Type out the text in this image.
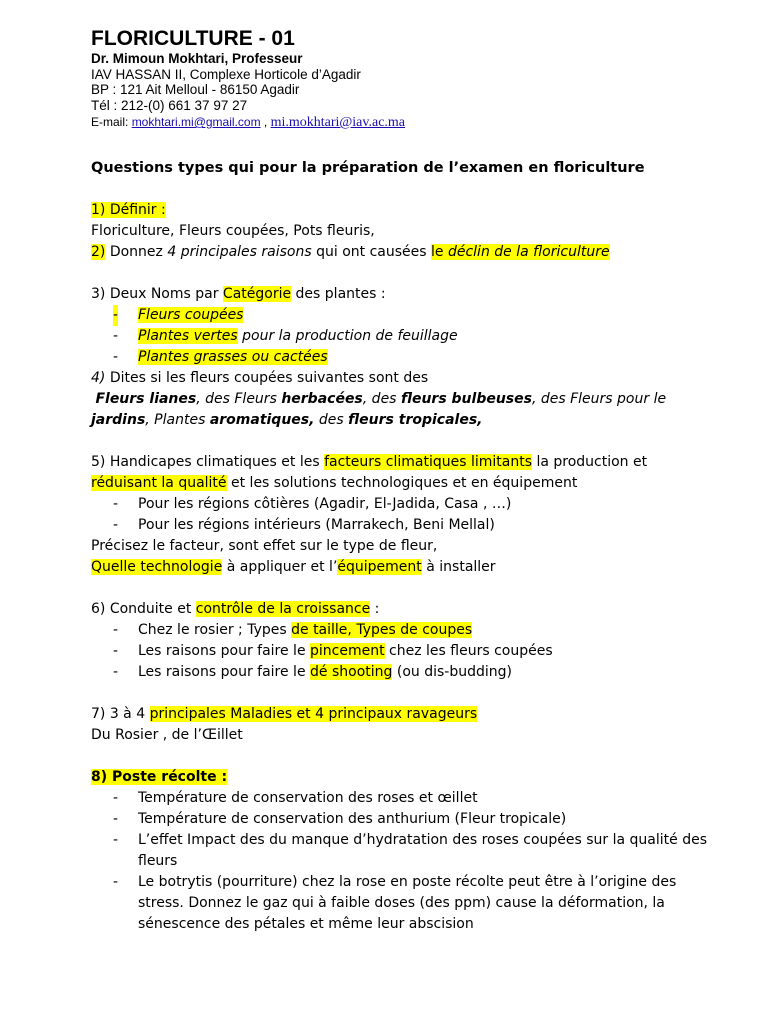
FLORICULTURE - 01

Dr. Mimoun Mokhtari, Professeur

IAV HASSAN II, Complexe Horticole d’Agadir

BP : 121 Ait Melloul - 86150 Agadir

Tél : 212-(0) 661 37 97 27

E-mail: mokhtari.mi@gmail.com , mi.mokhtari@iav.ac.ma

Questions types qui pour la préparation de l’examen en floriculture

1) Définir :

Floriculture, Fleurs coupées, Pots fleuris,

2) Donnez 4 principales raisons qui ont causées le déclin de la floriculture

3) Deux Noms par Catégorie des plantes :

- Fleurs coupées

- Plantes vertes pour la production de feuillage

- Plantes grasses ou cactées

4) Dites si les fleurs coupées suivantes sont des

Fleurs lianes, des Fleurs herbacées, des fleurs bulbeuses, des Fleurs pour le

jardins, Plantes aromatiques, des fleurs tropicales,

5) Handicapes climatiques et les facteurs climatiques limitants la production et

réduisant la qualité et les solutions technologiques et en équipement

- Pour les régions côtières (Agadir, El-Jadida, Casa , …)

- Pour les régions intérieurs (Marrakech, Beni Mellal)

Précisez le facteur, sont effet sur le type de fleur,

Quelle technologie à appliquer et l’équipement à installer

6) Conduite et contrôle de la croissance :

- Chez le rosier ; Types de taille, Types de coupes

- Les raisons pour faire le pincement chez les fleurs coupées

- Les raisons pour faire le dé shooting (ou dis-budding)

7) 3 à 4 principales Maladies et 4 principaux ravageurs

Du Rosier , de l’Œillet

8) Poste récolte :

- Température de conservation des roses et œillet

- Température de conservation des anthurium (Fleur tropicale)

- L’effet Impact des du manque d’hydratation des roses coupées sur la qualité des fleurs

- Le botrytis (pourriture) chez la rose en poste récolte peut être à l’origine des stress. Donnez le gaz qui à faible doses (des ppm) cause la déformation, la sénescence des pétales et même leur abscision
